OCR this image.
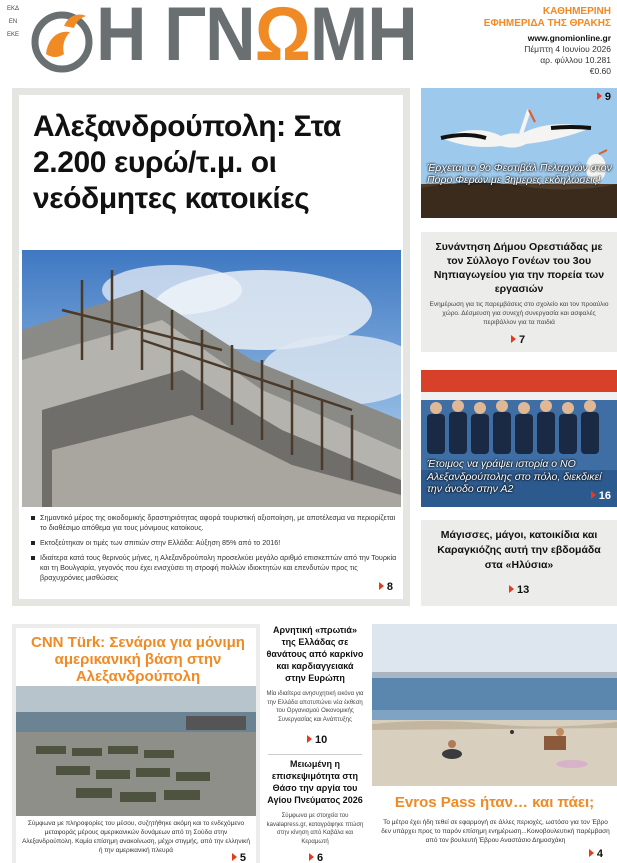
ΕΚΔ
ΕΝ
ΕΚΕ Η ΓΝΩΜΗ	ΚΑΘΗΜΕΡΙΝΗ
ΕΦΗΜΕΡΙΔΑ ΤΗΣ ΘΡΑΚΗΣ
www.gnomionline.gr
Πέμπτη 4 Ιουνίου 2026
αρ. φύλλου 10.281
€0.60
Αλεξανδρούπολη: Στα 2.200 ευρώ/τ.μ. οι νεόδμητες κατοικίες
Σημαντικό μέρος της οικοδομικής δραστηριότητας αφορά τουριστική αξιοποίηση, με αποτέλεσμα να περιορίζεται το διαθέσιμο απόθεμα για τους μόνιμους κατοίκους.
Εκτοξεύτηκαν οι τιμές των σπιτιών στην Ελλάδα: Αύξηση 85% από το 2016!
Ιδιαίτερα κατά τους θερινούς μήνες, η Αλεξανδρούπολη προσελκύει μεγάλο αριθμό επισκεπτών από την Τουρκία και τη Βουλγαρία, γεγονός που έχει ενισχύσει τη στροφή πολλών ιδιοκτητών και επενδυτών προς τις βραχυχρόνιες μισθώσεις
8
9
Έρχεται το 9ο Φεστιβάλ Πελαργών στον Πόρο Φερών με 3ημερες εκδηλώσεις!
Συνάντηση Δήμου Ορεστιάδας με τον Σύλλογο Γονέων του 3ου Νηπιαγωγείου για την πορεία των εργασιών
Ενημέρωση για τις παρεμβάσεις στο σχολείο και τον προαύλιο χώρο. Δέσμευση για συνεχή συνεργασία και ασφαλές περιβάλλον για τα παιδιά
7
Έτοιμος να γράψει ιστορία ο ΝΟ Αλεξανδρούπολης στο πόλο, διεκδικεί την άνοδο στην Α2
16
Μάγισσες, μάγοι, κατοικίδια και Καραγκιόζης αυτή την εβδομάδα στα «Ηλύσια»
13
CNN Türk: Σενάρια για μόνιμη αμερικανική βάση στην Αλεξανδρούπολη
Σύμφωνα με πληροφορίες του μέσου, συζητήθηκε ακόμη και το ενδεχόμενο μεταφοράς μέρους αμερικανικών δυνάμεων από τη Σούδα στην Αλεξανδρούπολη. Καμία επίσημη ανακοίνωση, μέχρι στιγμής, από την ελληνική ή την αμερικανική πλευρά
5
Αρνητική «πρωτιά» της Ελλάδας σε θανάτους από καρκίνο και καρδιαγγειακά στην Ευρώπη
Μία ιδιαίτερα ανησυχητική εικόνα για την Ελλάδα αποτυπώνει νέα έκθεση του Οργανισμού Οικονομικής Συνεργασίας και Ανάπτυξης
10
Μειωμένη η επισκεψιμότητα στη Θάσο την αργία του Αγίου Πνεύματος 2026
Σύμφωνα με στοιχεία του kavalapress.gr, καταγράφηκε πτώση στην κίνηση από Καβάλα και Κεραμωτή
6
Evros Pass ήταν… και πάει;
Το μέτρο έχει ήδη τεθεί σε εφαρμογή σε άλλες περιοχές, ωστόσο για τον Έβρο δεν υπάρχει προς το παρόν επίσημη ενημέρωση...Κοινοβουλευτική παρέμβαση από τον βουλευτή Έβρου Αναστάσιο Δημοσχάκη
4
